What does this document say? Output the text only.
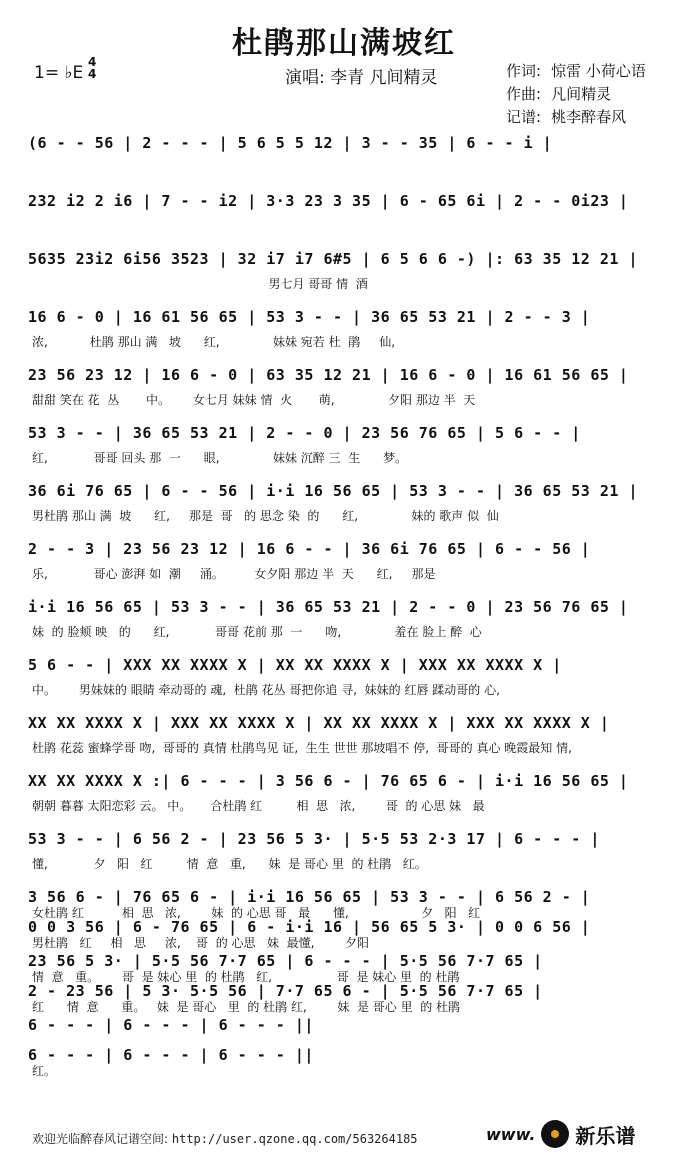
杜鹃那山满坡红
1= ♭E
4
4	演唱: 李青 凡间精灵	作词: 惊雷 小荷心语
作曲: 凡间精灵
记谱: 桃李醉春风
(6 - - 56 | 2 - - - | 5 6 5 5 12 | 3 - - 35 | 6 - - i |
232 i2 2 i6 | 7 - - i2 | 3·3 23 3 35 | 6 - 65 6i | 2 - - 0i23 |
5635 23i2 6i56 3523 | 32 i7 i7 6#5 | 6 5 6 6 -) |: 63 35 12 21 |
男七月 哥哥 情  酒
16 6 - 0 | 16 61 56 65 | 53 3 - - | 36 65 53 21 | 2 - - 3 |
浓,           杜鹃 那山 满   坡      红,              妹妹 宛若 杜  鹃     仙,
23 56 23 12 | 16 6 - 0 | 63 35 12 21 | 16 6 - 0 | 16 61 56 65 |
甜甜 笑在 花  丛       中。      女七月 妹妹 情  火       萌,              夕阳 那边 半  天
53 3 - - | 36 65 53 21 | 2 - - 0 | 23 56 76 65 | 5 6 - - |
红,            哥哥 回头 那  一      眼,              妹妹 沉醉 三  生      梦。
36 6i 76 65 | 6 - - 56 | i·i 16 56 65 | 53 3 - - | 36 65 53 21 |
男杜鹃 那山 满  坡      红,     那是  哥   的 思念 染  的      红,              妹的 歌声 似  仙
2 - - 3 | 23 56 23 12 | 16 6 - - | 36 6i 76 65 | 6 - - 56 |
乐,            哥心 澎湃 如  潮     涌。        女夕阳 那边 半  天      红,     那是
i·i 16 56 65 | 53 3 - - | 36 65 53 21 | 2 - - 0 | 23 56 76 65 |
妹  的 脸颊 映   的      红,            哥哥 花前 那  一      吻,              羞在 脸上 醉  心
5 6 - - | XXX XX XXXX X | XX XX XXXX X | XXX XX XXXX X |
中。      男妹妹的 眼睛 牵动哥的 魂,  杜鹃 花丛 哥把你追 寻,  妹妹的 红唇 蹂动哥的 心,
XX XX XXXX X | XXX XX XXXX X | XX XX XXXX X | XXX XX XXXX X |
杜鹃 花蕊 蜜蜂学哥 吻,  哥哥的 真情 杜鹃鸟见 证,  生生 世世 那坡唱不 停,  哥哥的 真心 晚霞最知 情,
XX XX XXXX X :| 6 - - - | 3 56 6 - | 76 65 6 - | i·i 16 56 65 |
朝朝 暮暮 太阳恋彩 云。 中。     合杜鹃 红         相  思   浓,        哥  的 心思 妹   最
53 3 - - | 6 56 2 - | 23 56 5 3· | 5·5 53 2·3 17 | 6 - - - |
懂,            夕   阳   红         情  意   重,      妹  是 哥心 里  的 杜鹃   红。
3 56 6 - | 76 65 6 - | i·i 16 56 65 | 53 3 - - | 6 56 2 - |
女杜鹃 红          相  思   浓,        妹  的 心思 哥   最      懂,                   夕   阳   红
0 0 3 56 | 6 - 76 65 | 6 - i·i 16 | 56 65 5 3· | 0 0 6 56 |
男杜鹃   红     相   思     浓,    哥  的 心思   妹  最懂,        夕阳
23 56 5 3· | 5·5 56 7·7 65 | 6 - - - | 5·5 56 7·7 65 |
情  意   重。      哥  是 妹心 里  的 杜鹃   红,                 哥  是 妹心 里  的 杜鹃
2 - 23 56 | 5 3· 5·5 56 | 7·7 65 6 - | 5·5 56 7·7 65 |
红      情  意      重。   妹  是 哥心   里  的 杜鹃 红,        妹  是 哥心 里  的 杜鹃
6 - - - | 6 - - - | 6 - - - ||
6 - - - | 6 - - - | 6 - - - ||
红。
欢迎光临醉春风记谱空间: http://user.qzone.qq.com/563264185	www. 新乐谱
